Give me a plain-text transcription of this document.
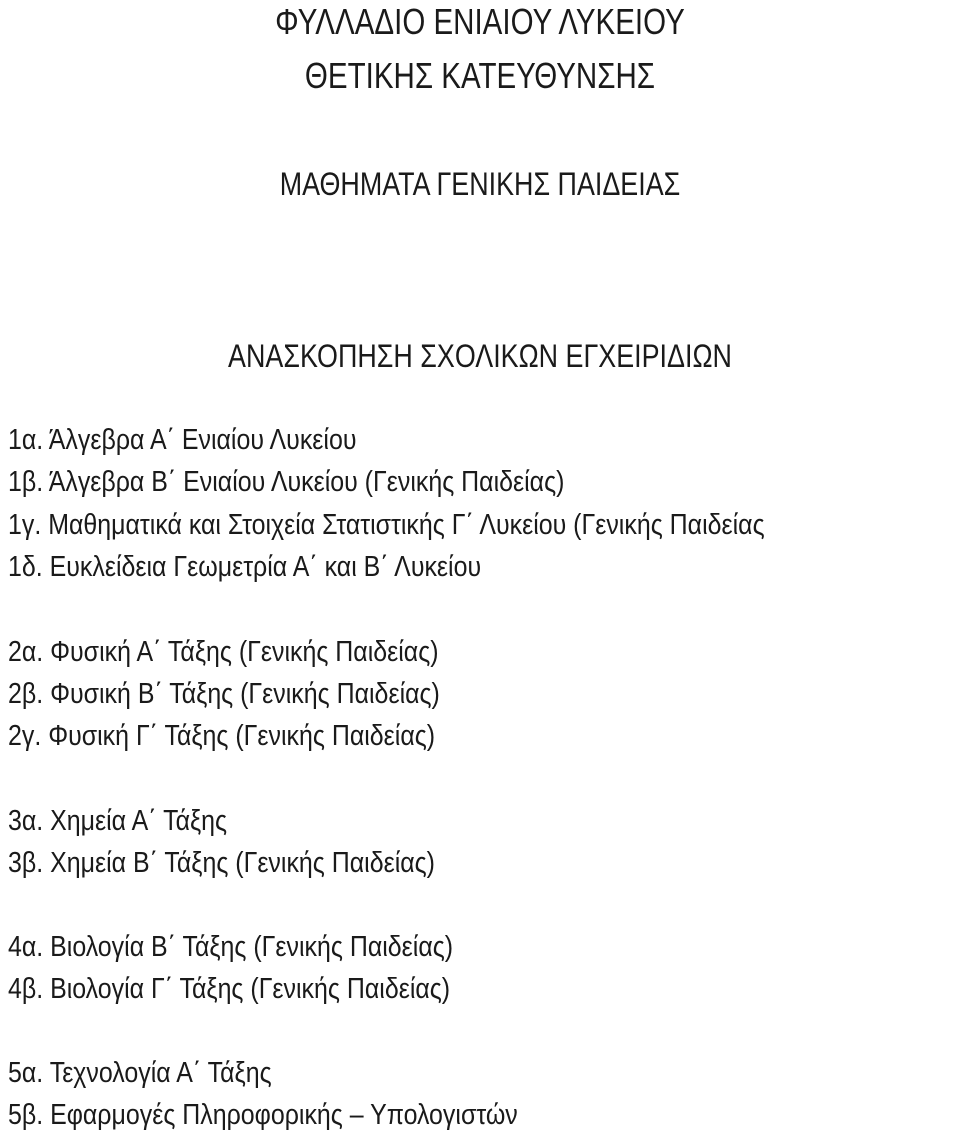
ΦΥΛΛΑΔΙΟ ΕΝΙΑΙΟΥ ΛΥΚΕΙΟΥ
ΘΕΤΙΚΗΣ ΚΑΤΕΥΘΥΝΣΗΣ
ΜΑΘΗΜΑΤΑ ΓΕΝΙΚΗΣ ΠΑΙΔΕΙΑΣ
ΑΝΑΣΚΟΠΗΣΗ ΣΧΟΛΙΚΩΝ ΕΓΧΕΙΡΙΔΙΩΝ
1α. Άλγεβρα Α΄ Ενιαίου Λυκείου
1β. Άλγεβρα Β΄ Ενιαίου Λυκείου (Γενικής Παιδείας)
1γ. Μαθηματικά και Στοιχεία Στατιστικής Γ΄ Λυκείου (Γενικής Παιδείας
1δ. Ευκλείδεια Γεωμετρία Α΄ και Β΄ Λυκείου
2α. Φυσική Α΄ Τάξης (Γενικής Παιδείας)
2β. Φυσική Β΄ Τάξης (Γενικής Παιδείας)
2γ. Φυσική Γ΄ Τάξης (Γενικής Παιδείας)
3α. Χημεία Α΄ Τάξης
3β. Χημεία Β΄ Τάξης (Γενικής Παιδείας)
4α. Βιολογία Β΄ Τάξης (Γενικής Παιδείας)
4β. Βιολογία Γ΄ Τάξης (Γενικής Παιδείας)
5α. Τεχνολογία Α΄ Τάξης
5β. Εφαρμογές Πληροφορικής – Υπολογιστών
